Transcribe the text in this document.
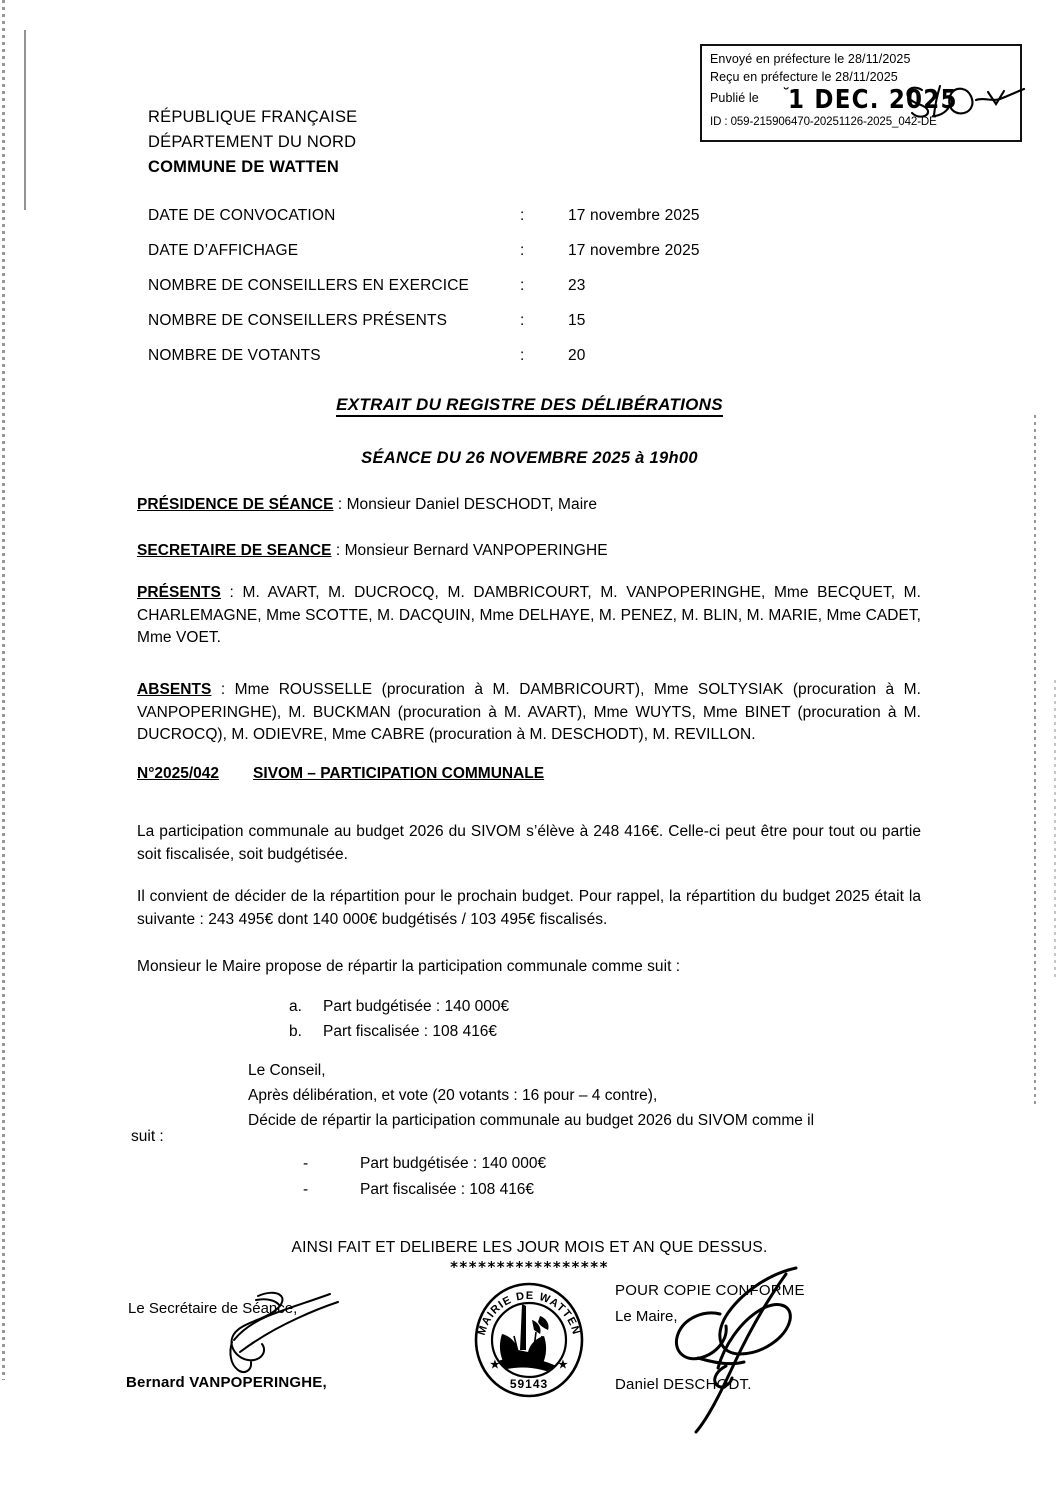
Envoyé en préfecture le 28/11/2025
Reçu en préfecture le 28/11/2025
Publié le ˘
1 DEC. 2025
ID : 059-215906470-20251126-2025_042-DE
RÉPUBLIQUE FRANÇAISE
DÉPARTEMENT DU NORD
COMMUNE DE WATTEN
DATE DE CONVOCATION	:	17 novembre 2025
DATE D’AFFICHAGE	:	17 novembre 2025
NOMBRE DE CONSEILLERS EN EXERCICE	:	23
NOMBRE DE CONSEILLERS PRÉSENTS	:	15
NOMBRE DE VOTANTS	:	20
EXTRAIT DU REGISTRE DES DÉLIBÉRATIONS
SÉANCE DU 26 NOVEMBRE 2025 à 19h00
PRÉSIDENCE DE SÉANCE : Monsieur Daniel DESCHODT, Maire
SECRETAIRE DE SEANCE : Monsieur Bernard VANPOPERINGHE
PRÉSENTS : M. AVART, M. DUCROCQ, M. DAMBRICOURT, M. VANPOPERINGHE, Mme BECQUET, M. CHARLEMAGNE, Mme SCOTTE, M. DACQUIN, Mme DELHAYE, M. PENEZ, M. BLIN, M. MARIE, Mme CADET, Mme VOET.
ABSENTS : Mme ROUSSELLE (procuration à M. DAMBRICOURT), Mme SOLTYSIAK (procuration à M. VANPOPERINGHE), M. BUCKMAN (procuration à M. AVART), Mme WUYTS, Mme BINET (procuration à M. DUCROCQ), M. ODIEVRE, Mme CABRE (procuration à M. DESCHODT), M. REVILLON.
N°2025/042 SIVOM – PARTICIPATION COMMUNALE
La participation communale au budget 2026 du SIVOM s’élève à 248 416€. Celle-ci peut être pour tout ou partie soit fiscalisée, soit budgétisée.
Il convient de décider de la répartition pour le prochain budget. Pour rappel, la répartition du budget 2025 était la suivante : 243 495€ dont 140 000€ budgétisés / 103 495€ fiscalisés.
Monsieur le Maire propose de répartir la participation communale comme suit :
a.	Part budgétisée : 140 000€
b.	Part fiscalisée : 108 416€
Le Conseil,
Après délibération, et vote (20 votants : 16 pour – 4 contre),
Décide de répartir la participation communale au budget 2026 du SIVOM comme il
suit :
-	Part budgétisée : 140 000€
-	Part fiscalisée : 108 416€
AINSI FAIT ET DELIBERE LES JOUR MOIS ET AN QUE DESSUS.
*****************
Le Secrétaire de Séance,
Bernard VANPOPERINGHE,
MAIRIE DE WATTEN
★	★
59143
POUR COPIE CONFORME
Le Maire,
Daniel DESCHODT.
